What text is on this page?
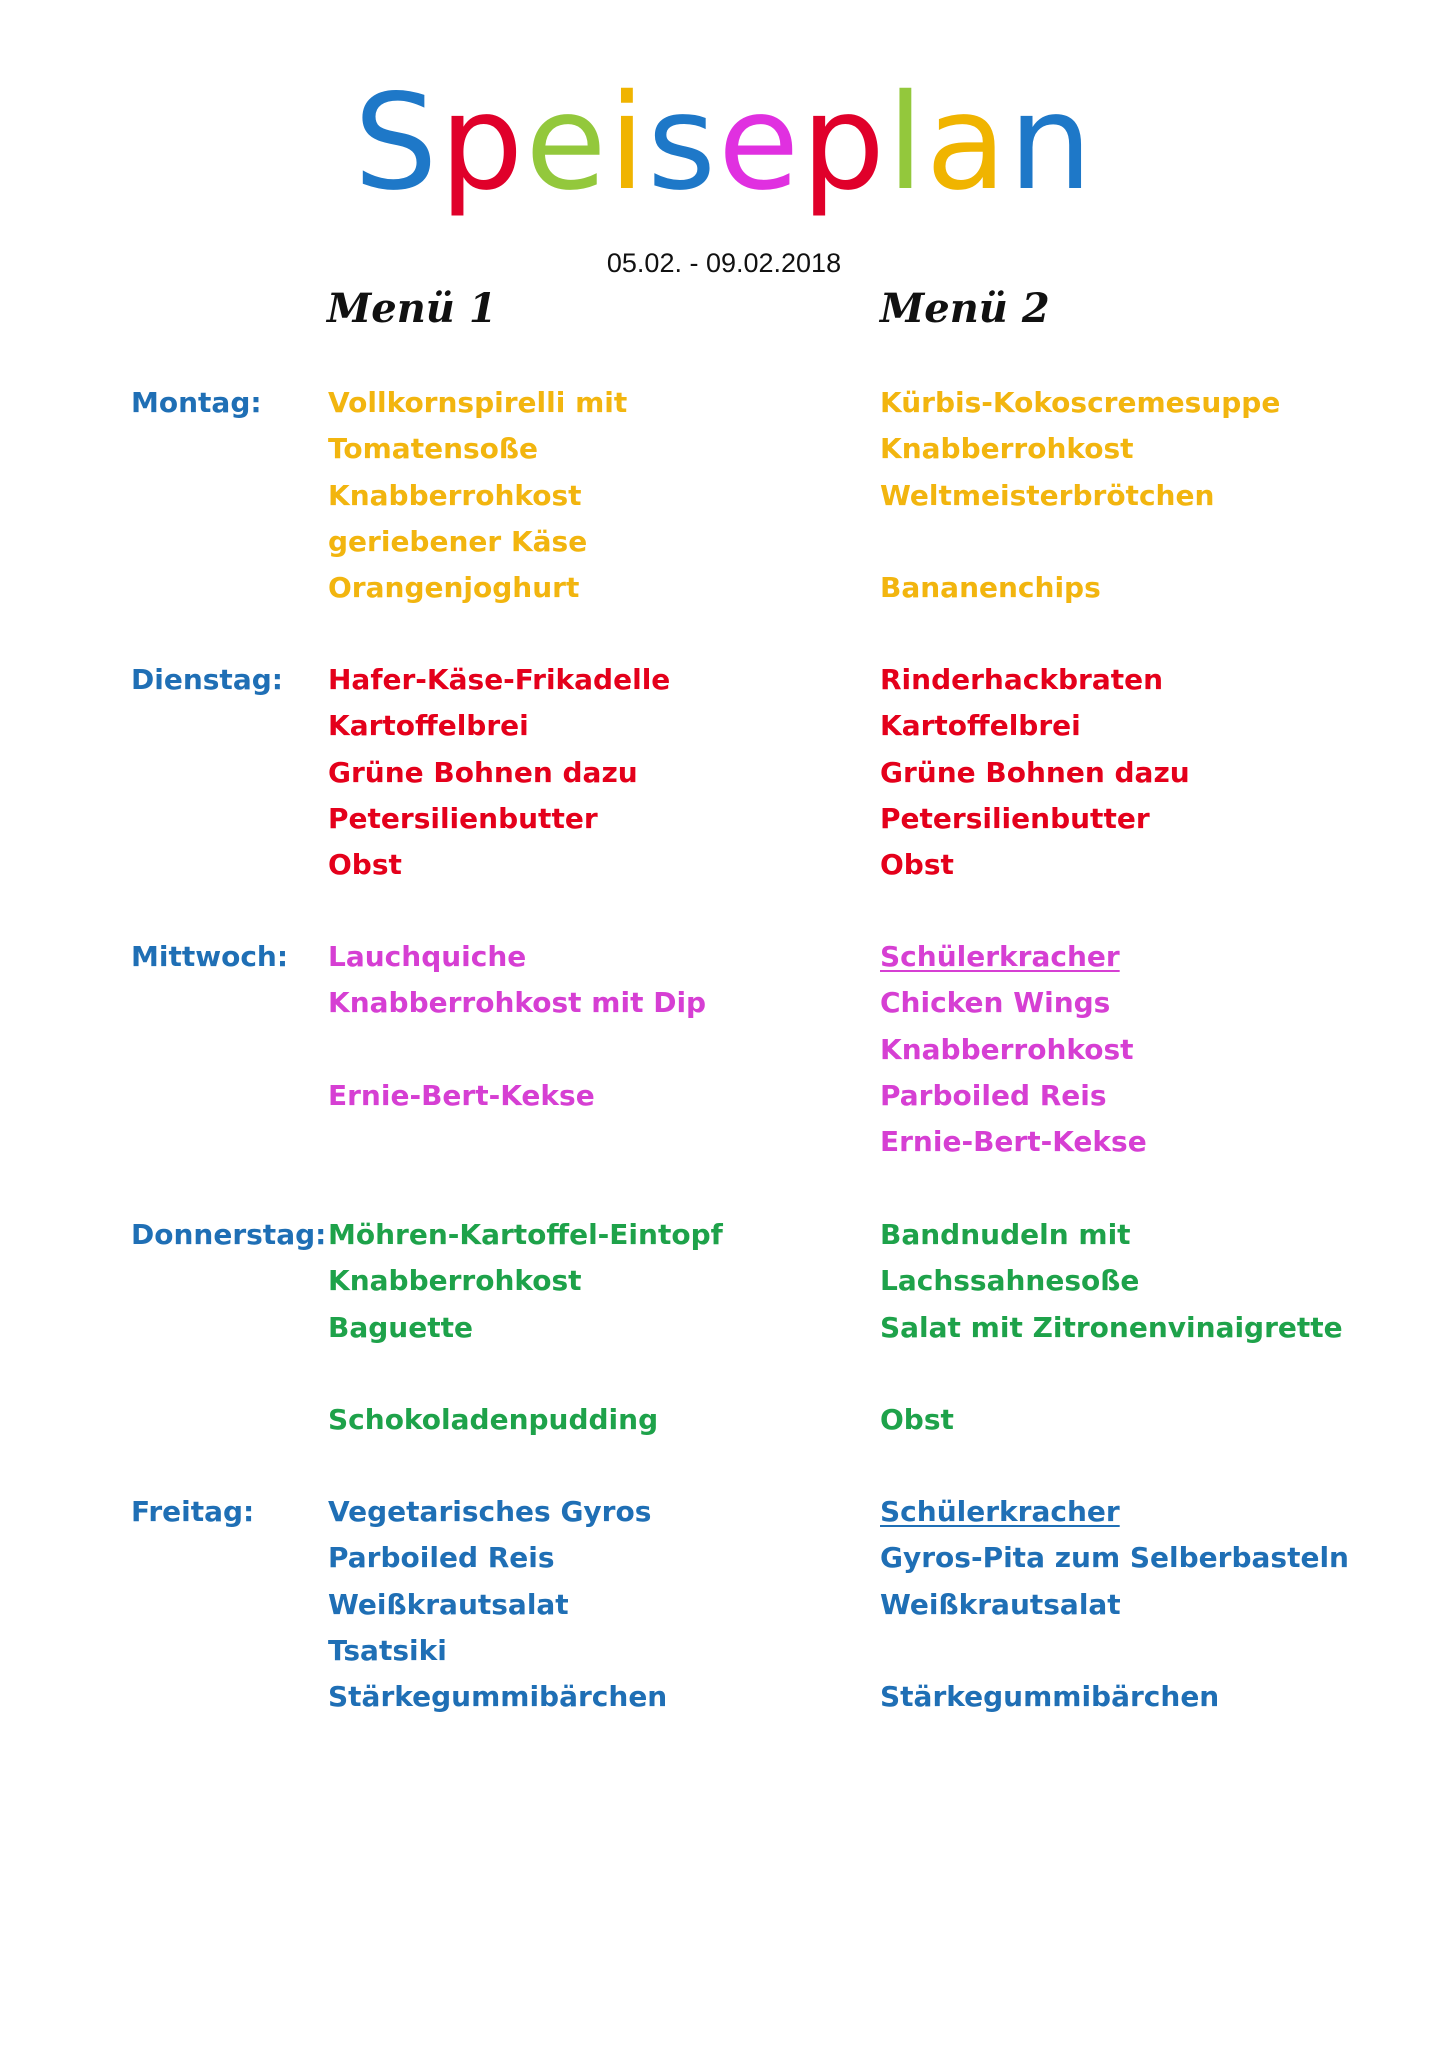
Speiseplan
05.02. - 09.02.2018
Menü 1	Menü 2
Montag: Vollkornspirelli mit
Tomatensoße
Knabberrohkost
geriebener Käse
Orangenjoghurt
Kürbis-Kokoscremesuppe
Knabberrohkost
Weltmeisterbrötchen
Bananenchips
Dienstag: Hafer-Käse-Frikadelle
Kartoffelbrei
Grüne Bohnen dazu
Petersilienbutter
Obst
Rinderhackbraten
Kartoffelbrei
Grüne Bohnen dazu
Petersilienbutter
Obst
Mittwoch: Lauchquiche
Knabberrohkost mit Dip
Ernie-Bert-Kekse
Schülerkracher
Chicken Wings
Knabberrohkost
Parboiled Reis
Ernie-Bert-Kekse
Donnerstag: Möhren-Kartoffel-Eintopf
Knabberrohkost
Baguette
Schokoladenpudding
Bandnudeln mit
Lachssahnesoße
Salat mit Zitronenvinaigrette
Obst
Freitag:	Vegetarisches Gyros
Parboiled Reis
Weißkrautsalat
Tsatsiki
Stärkegummibärchen
Schülerkracher
Gyros-Pita zum Selberbasteln
Weißkrautsalat
Stärkegummibärchen
